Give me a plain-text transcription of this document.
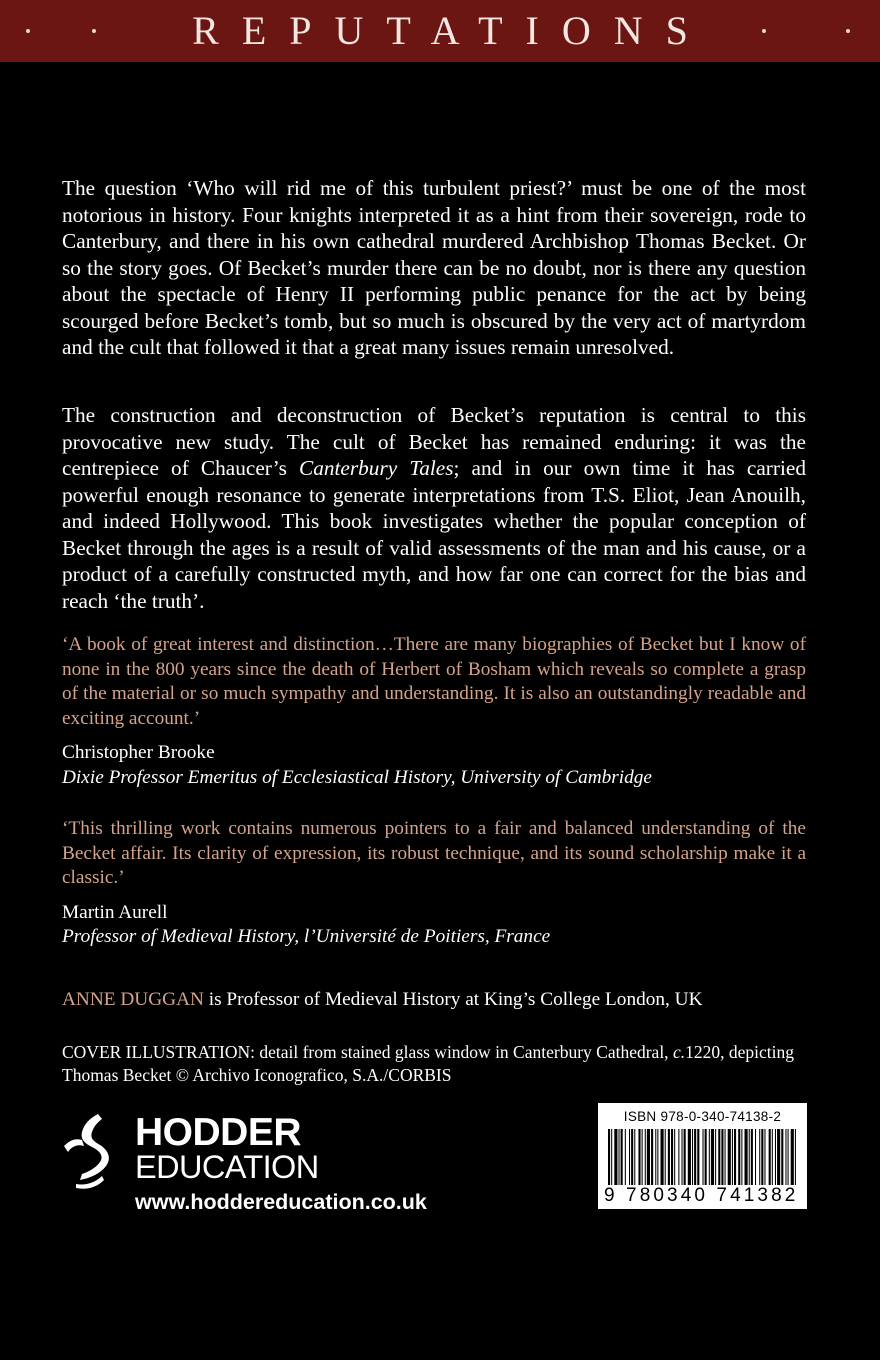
REPUTATIONS

The question ‘Who will rid me of this turbulent priest?’ must be one of the most notorious in history. Four knights interpreted it as a hint from their sovereign, rode to Canterbury, and there in his own cathedral murdered Archbishop Thomas Becket. Or so the story goes. Of Becket’s murder there can be no doubt, nor is there any question about the spectacle of Henry II performing public penance for the act by being scourged before Becket’s tomb, but so much is obscured by the very act of martyrdom and the cult that followed it that a great many issues remain unresolved.

The construction and deconstruction of Becket’s reputation is central to this provocative new study. The cult of Becket has remained enduring: it was the centrepiece of Chaucer’s Canterbury Tales; and in our own time it has carried powerful enough resonance to generate interpretations from T.S. Eliot, Jean Anouilh, and indeed Hollywood. This book investigates whether the popular conception of Becket through the ages is a result of valid assessments of the man and his cause, or a product of a carefully constructed myth, and how far one can correct for the bias and reach ‘the truth’.

‘A book of great interest and distinction…There are many biographies of Becket but I know of none in the 800 years since the death of Herbert of Bosham which reveals so complete a grasp of the material or so much sympathy and understanding. It is also an outstandingly readable and exciting account.’

Christopher Brooke

Dixie Professor Emeritus of Ecclesiastical History, University of Cambridge

‘This thrilling work contains numerous pointers to a fair and balanced understanding of the Becket affair. Its clarity of expression, its robust technique, and its sound scholarship make it a classic.’

Martin Aurell

Professor of Medieval History, l’Université de Poitiers, France

ANNE DUGGAN is Professor of Medieval History at King’s College London, UK

COVER ILLUSTRATION: detail from stained glass window in Canterbury Cathedral, c.1220, depicting Thomas Becket © Archivo Iconografico, S.A./CORBIS

HODDER
EDUCATION
www.hoddereducation.co.uk
ISBN 978-0-340-74138-2
9 780340 741382
